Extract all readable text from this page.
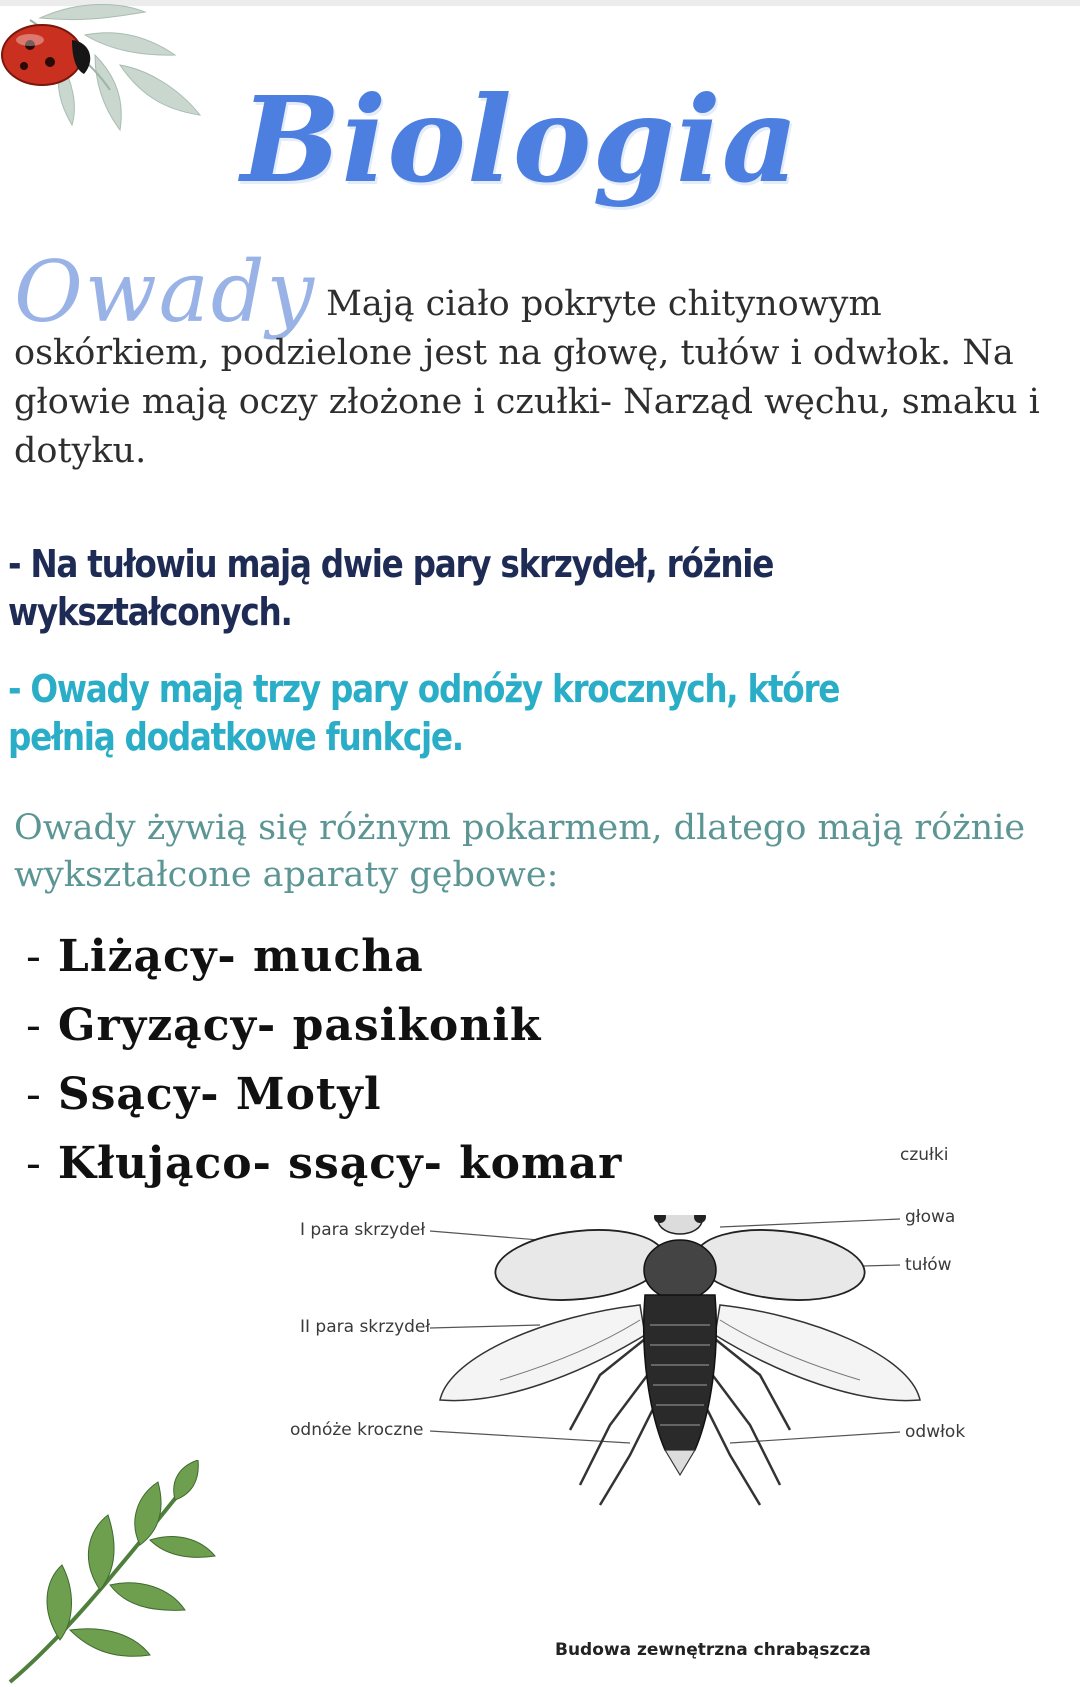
Biologia
Owady Mają ciało pokryte chitynowym oskórkiem, podzielone jest na głowę, tułów i odwłok. Na głowie mają oczy złożone i czułki- Narząd węchu, smaku i dotyku.
- Na tułowiu mają dwie pary skrzydeł, różnie wykształconych.
- Owady mają trzy pary odnóży krocznych, które pełnią dodatkowe funkcje.
Owady żywią się różnym pokarmem, dlatego mają różnie wykształcone aparaty gębowe:
- Liżący- mucha
- Gryzący- pasikonik
- Ssący- Motyl
- Kłująco- ssący- komar
I para skrzydeł
II para skrzydeł
odnóże kroczne
czułki
głowa
tułów
odwłok
Budowa zewnętrzna chrabąszcza
